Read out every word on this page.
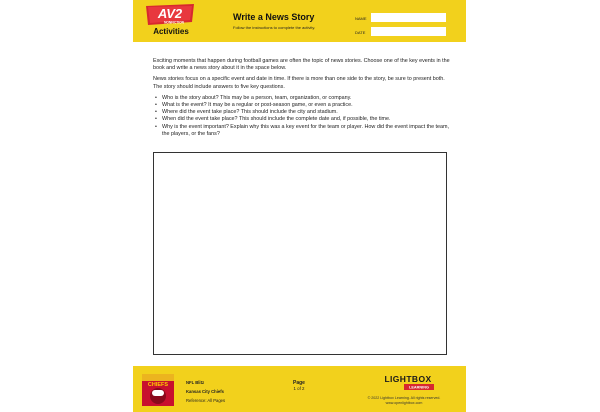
AV2
NONFICTION
Activities
Write a News Story
Follow the instructions to complete the activity.
NAME
DATE

Exciting moments that happen during football games are often the topic of news stories. Choose one of the key events in the book and write a news story about it in the space below.

News stories focus on a specific event and date in time. If there is more than one side to the story, be sure to present both. The story should include answers to five key questions.

• Who is the story about? This may be a person, team, organization, or company.
• What is the event? It may be a regular or post-season game, or even a practice.
• Where did the event take place? This should include the city and stadium.
• When did the event take place? This should include the complete date and, if possible, the time.
• Why is the event important? Explain why this was a key event for the team or player. How did the event impact the team, the players, or the fans?
CHIEFS	NFL Blitz
Kansas City Chiefs
Reference: All Pages
Page
1 of 2
LIGHTBOX
LEARNING
© 2022 Lightbox Learning. All rights reserved.
www.openlightbox.com
